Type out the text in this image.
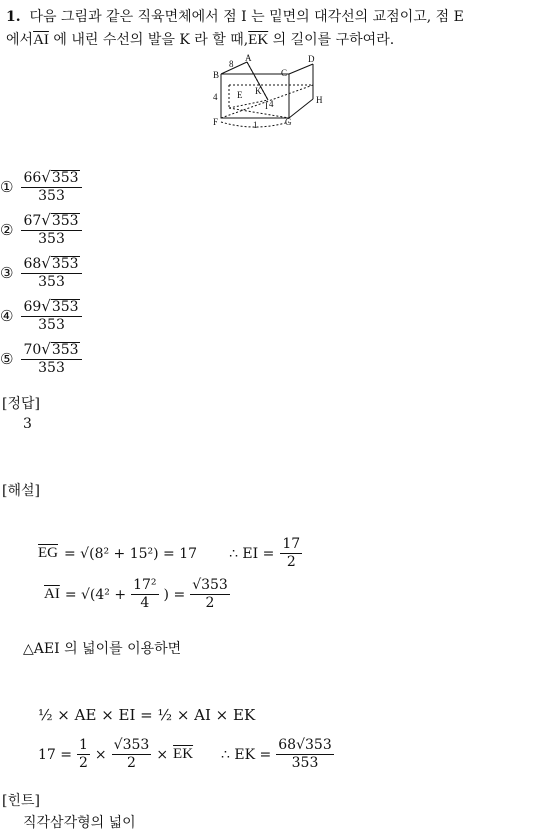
1. 다음 그림과 같은 직육면체에서 점 I 는 밑면의 대각선의 교점이고, 점 E
에서$\overline{AI}$ 에 내린 수선의 발을 K 라 할 때$,\overline{EK}$ 의 길이를 구하여라.
B
A
C
D
E K
F	G
H
I
8
4
1
4
① $\frac{66√353}{353}$
② $\frac{67√353}{353}$
③ $\frac{68√353}{353}$
④ $\frac{69√353}{353}$
⑤ $\frac{70√353}{353}$
[정답]
3
[해설]
$\overline{EG} = √(8^2 + 15^2) = 17$ ∴ EI = $\frac{17}{2}$
$\overline{AI} = √(4^2 + \frac{\text{17²}}{4}$ ) = $\frac{√353}{2}$
△AEI 의 넓이를 이용하면
½ × AE × EI = ½ × AI × EK
$17 = \frac{1}{2} \times \frac{√353}{2} \times \overline{EK}$ ∴ EK = $\frac{68√353}{353}$
[힌트]
직각삼각형의 넓이
